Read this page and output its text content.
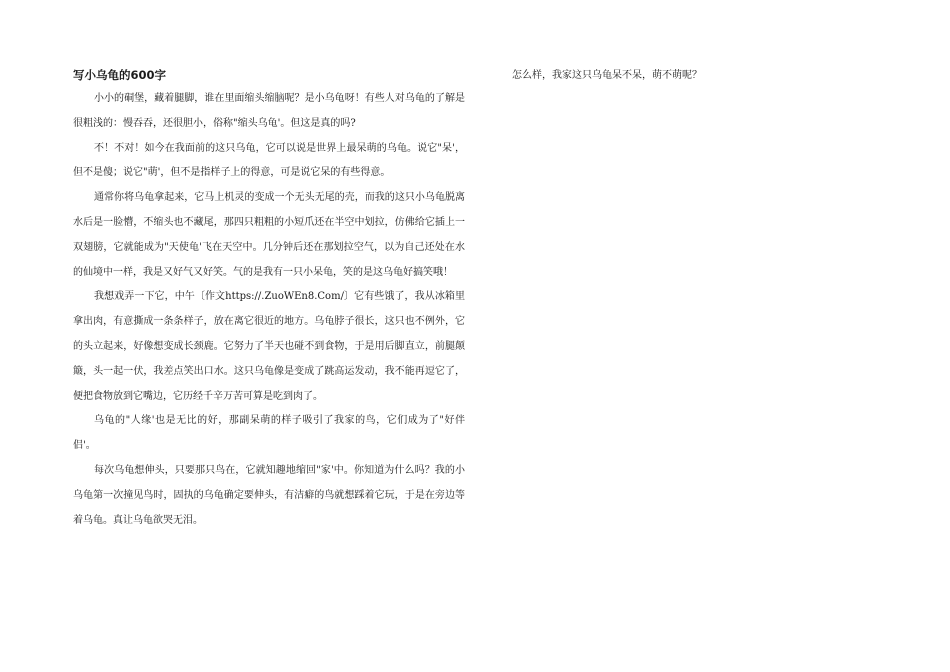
写小乌龟的600字

小小的硐堡，藏着腿脚，谁在里面缩头缩脑呢？是小乌龟呀！有些人对乌龟的了解是很粗浅的：慢吞吞，还很胆小，俗称"缩头乌龟'。但这是真的吗?

不！不对！如今在我面前的这只乌龟，它可以说是世界上最呆萌的乌龟。说它"呆'，但不是傻；说它"萌'，但不是指样子上的得意，可是说它呆的有些得意。

通常你将乌龟拿起来，它马上机灵的变成一个无头无尾的壳，而我的这只小乌龟脱离水后是一脸懵，不缩头也不藏尾，那四只粗粗的小短爪还在半空中划拉，仿佛给它插上一双翅膀，它就能成为"天使龟'飞在天空中。几分钟后还在那划拉空气，以为自己还处在水的仙境中一样，我是又好气又好笑。气的是我有一只小呆龟，笑的是这乌龟好搞笑哦！

我想戏弄一下它，中午〔作文https://.ZuoWEn8.Com/〕它有些饿了，我从冰箱里拿出肉，有意撕成一条条样子，放在离它很近的地方。乌龟脖子很长，这只也不例外，它的头立起来，好像想变成长颈鹿。它努力了半天也碰不到食物，于是用后脚直立，前腿颠簸，头一起一伏，我差点笑出口水。这只乌龟像是变成了跳高运发动，我不能再逗它了，便把食物放到它嘴边，它历经千辛万苦可算是吃到肉了。

乌龟的"人缘'也是无比的好，那副呆萌的样子吸引了我家的鸟，它们成为了"好伴侣'。

每次乌龟想伸头，只要那只鸟在，它就知趣地缩回"家'中。你知道为什么吗？我的小乌龟第一次撞见鸟时，固执的乌龟确定要伸头，有洁癖的鸟就想踩着它玩，于是在旁边等着乌龟。真让乌龟欲哭无泪。

怎么样，我家这只乌龟呆不呆，萌不萌呢？
